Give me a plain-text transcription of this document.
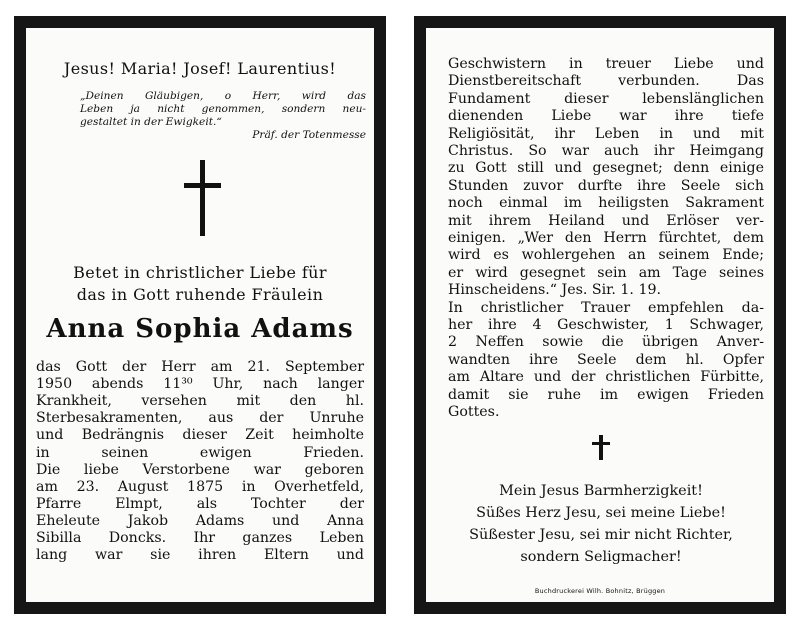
Jesus! Maria! Josef! Laurentius!
„Deinen Gläubigen, o Herr, wird das
Leben ja nicht genommen, sondern neu-
gestaltet in der Ewigkeit.“
Präf. der Totenmesse
Betet in christlicher Liebe für
das in Gott ruhende Fräulein
Anna Sophia Adams
das Gott der Herr am 21. September
1950 abends 11³⁰ Uhr, nach langer
Krankheit, versehen mit den hl.
Sterbesakramenten, aus der Unruhe
und Bedrängnis dieser Zeit heimholte
in seinen ewigen Frieden.
Die liebe Verstorbene war geboren
am 23. August 1875 in Overhetfeld,
Pfarre Elmpt, als Tochter der
Eheleute Jakob Adams und Anna
Sibilla Doncks. Ihr ganzes Leben
lang war sie ihren Eltern und
Geschwistern in treuer Liebe und
Dienstbereitschaft verbunden. Das
Fundament dieser lebenslänglichen
dienenden Liebe war ihre tiefe
Religiösität, ihr Leben in und mit
Christus. So war auch ihr Heimgang
zu Gott still und gesegnet; denn einige
Stunden zuvor durfte ihre Seele sich
noch einmal im heiligsten Sakrament
mit ihrem Heiland und Erlöser ver-
einigen. „Wer den Herrn fürchtet, dem
wird es wohlergehen an seinem Ende;
er wird gesegnet sein am Tage seines
Hinscheidens.“ Jes. Sir. 1. 19.
In christlicher Trauer empfehlen da-
her ihre 4 Geschwister, 1 Schwager,
2 Neffen sowie die übrigen Anver-
wandten ihre Seele dem hl. Opfer
am Altare und der christlichen Fürbitte,
damit sie ruhe im ewigen Frieden
Gottes.
Mein Jesus Barmherzigkeit!
Süßes Herz Jesu, sei meine Liebe!
Süßester Jesu, sei mir nicht Richter,
sondern Seligmacher!
Buchdruckerei Wilh. Bohnitz, Brüggen
